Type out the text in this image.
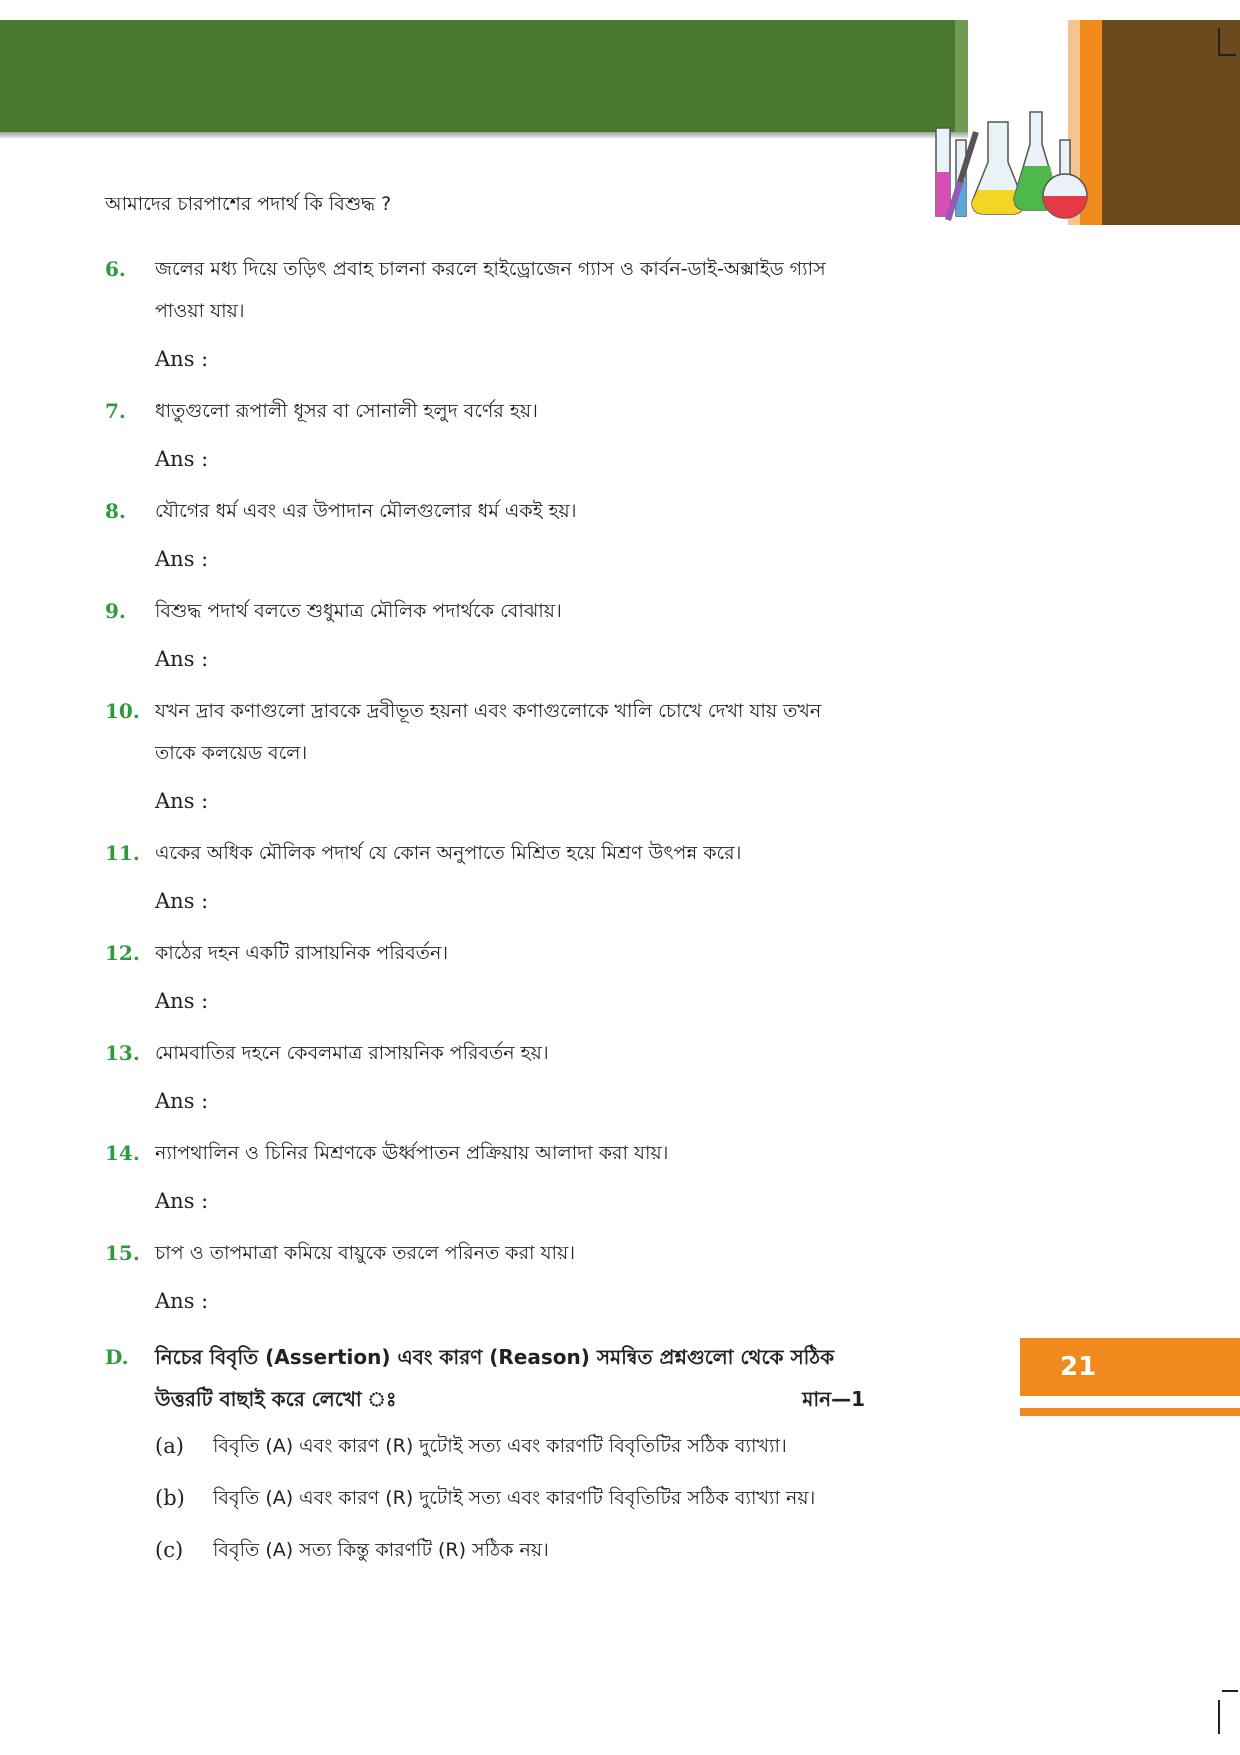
আমাদের চারপাশের পদার্থ কি বিশুদ্ধ ?
6. জলের মধ্য দিয়ে তড়িৎ প্রবাহ চালনা করলে হাইড্রোজেন গ্যাস ও কার্বন-ডাই-অক্সাইড গ্যাস পাওয়া যায়।
Ans :
7. ধাতুগুলো রূপালী ধূসর বা সোনালী হলুদ বর্ণের হয়।
Ans :
8. যৌগের ধর্ম এবং এর উপাদান মৌলগুলোর ধর্ম একই হয়।
Ans :
9. বিশুদ্ধ পদার্থ বলতে শুধুমাত্র মৌলিক পদার্থকে বোঝায়।
Ans :
10. যখন দ্রাব কণাগুলো দ্রাবকে দ্রবীভূত হয়না এবং কণাগুলোকে খালি চোখে দেখা যায় তখন তাকে কলয়েড বলে।
Ans :
11. একের অধিক মৌলিক পদার্থ যে কোন অনুপাতে মিশ্রিত হয়ে মিশ্রণ উৎপন্ন করে।
Ans :
12. কাঠের দহন একটি রাসায়নিক পরিবর্তন।
Ans :
13. মোমবাতির দহনে কেবলমাত্র রাসায়নিক পরিবর্তন হয়।
Ans :
14. ন্যাপথালিন ও চিনির মিশ্রণকে ঊর্ধ্বপাতন প্রক্রিয়ায় আলাদা করা যায়।
Ans :
15. চাপ ও তাপমাত্রা কমিয়ে বায়ুকে তরলে পরিনত করা যায়।
Ans :
D. নিচের বিবৃতি (Assertion) এবং কারণ (Reason) সমন্বিত প্রশ্নগুলো থেকে সঠিক উত্তরটি বাছাই করে লেখো ঃ	মান—1
(a) বিবৃতি (A) এবং কারণ (R) দুটোই সত্য এবং কারণটি বিবৃতিটির সঠিক ব্যাখ্যা।
(b) বিবৃতি (A) এবং কারণ (R) দুটোই সত্য এবং কারণটি বিবৃতিটির সঠিক ব্যাখ্যা নয়।
(c) বিবৃতি (A) সত্য কিন্তু কারণটি (R) সঠিক নয়।
21
